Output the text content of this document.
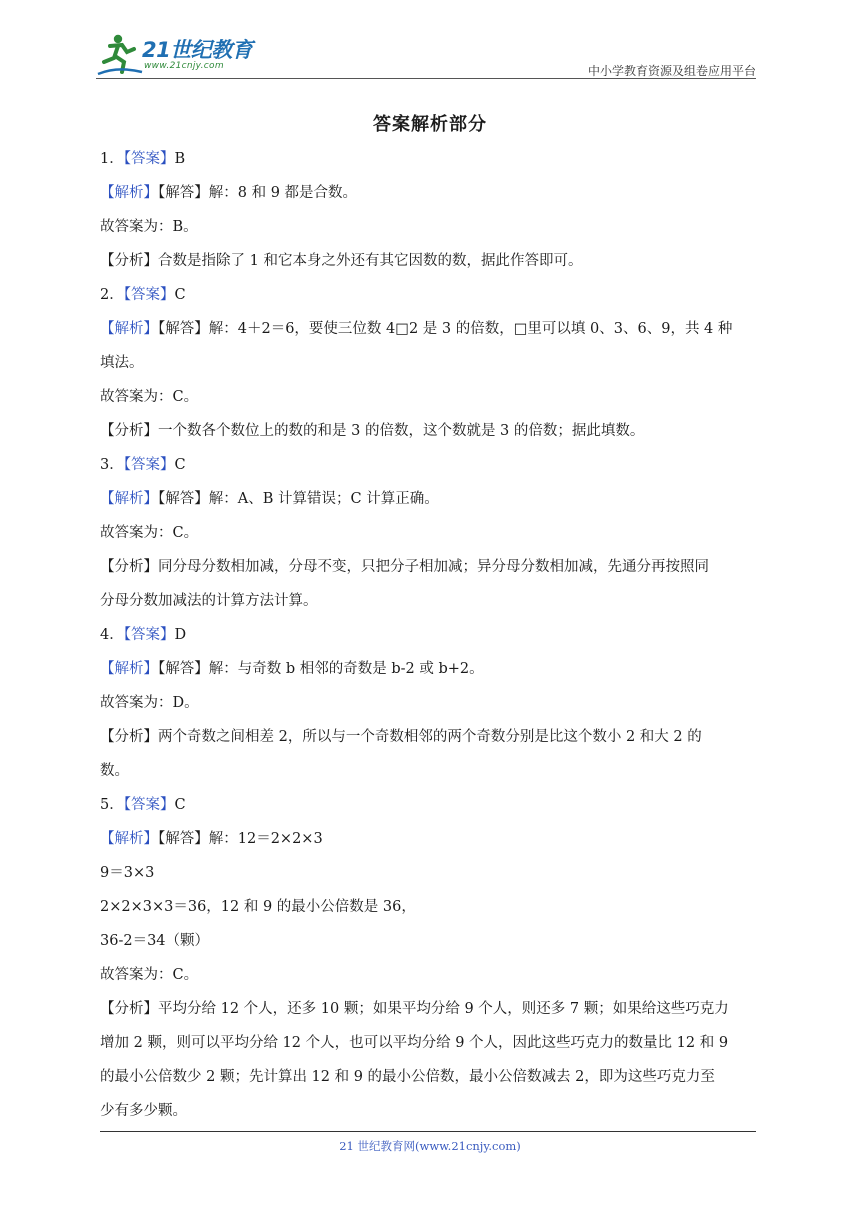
21世纪教育
www.21cnjy.com	中小学教育资源及组卷应用平台
答案解析部分
1．【答案】B
【解析】【解答】解：8 和 9 都是合数。
故答案为：B。
【分析】合数是指除了 1 和它本身之外还有其它因数的数，据此作答即可。
2．【答案】C
【解析】【解答】解：4＋2＝6，要使三位数 4□2 是 3 的倍数，□里可以填 0、3、6、9，共 4 种
填法。
故答案为：C。
【分析】一个数各个数位上的数的和是 3 的倍数，这个数就是 3 的倍数；据此填数。
3．【答案】C
【解析】【解答】解：A、B 计算错误；C 计算正确。
故答案为：C。
【分析】同分母分数相加减，分母不变，只把分子相加减；异分母分数相加减，先通分再按照同
分母分数加减法的计算方法计算。
4．【答案】D
【解析】【解答】解：与奇数 b 相邻的奇数是 b-2 或 b+2。
故答案为：D。
【分析】两个奇数之间相差 2，所以与一个奇数相邻的两个奇数分别是比这个数小 2 和大 2 的
数。
5．【答案】C
【解析】【解答】解：12＝2×2×3
9＝3×3
2×2×3×3＝36，12 和 9 的最小公倍数是 36，
36-2＝34（颗）
故答案为：C。
【分析】平均分给 12 个人，还多 10 颗；如果平均分给 9 个人，则还多 7 颗；如果给这些巧克力
增加 2 颗，则可以平均分给 12 个人，也可以平均分给 9 个人，因此这些巧克力的数量比 12 和 9
的最小公倍数少 2 颗；先计算出 12 和 9 的最小公倍数，最小公倍数减去 2，即为这些巧克力至
少有多少颗。
21 世纪教育网(www.21cnjy.com)
